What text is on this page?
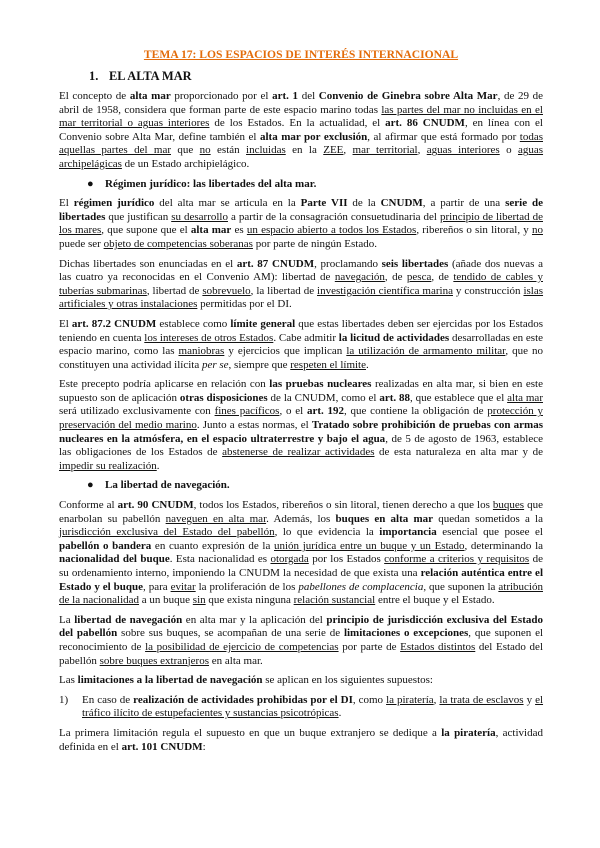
TEMA 17: LOS ESPACIOS DE INTERÉS INTERNACIONAL
1. EL ALTA MAR
El concepto de alta mar proporcionado por el art. 1 del Convenio de Ginebra sobre Alta Mar, de 29 de abril de 1958, considera que forman parte de este espacio marino todas las partes del mar no incluidas en el mar territorial o aguas interiores de los Estados. En la actualidad, el art. 86 CNUDM, en línea con el Convenio sobre Alta Mar, define también el alta mar por exclusión, al afirmar que está formado por todas aquellas partes del mar que no están incluidas en la ZEE, mar territorial, aguas interiores o aguas archipelágicas de un Estado archipielágico.
● Régimen jurídico: las libertades del alta mar.
El régimen jurídico del alta mar se articula en la Parte VII de la CNUDM, a partir de una serie de libertades que justifican su desarrollo a partir de la consagración consuetudinaria del principio de libertad de los mares, que supone que el alta mar es un espacio abierto a todos los Estados, ribereños o sin litoral, y no puede ser objeto de competencias soberanas por parte de ningún Estado.
Dichas libertades son enunciadas en el art. 87 CNUDM, proclamando seis libertades (añade dos nuevas a las cuatro ya reconocidas en el Convenio AM): libertad de navegación, de pesca, de tendido de cables y tuberías submarinas, libertad de sobrevuelo, la libertad de investigación científica marina y construcción islas artificiales y otras instalaciones permitidas por el DI.
El art. 87.2 CNUDM establece como límite general que estas libertades deben ser ejercidas por los Estados teniendo en cuenta los intereses de otros Estados. Cabe admitir la licitud de actividades desarrolladas en este espacio marino, como las maniobras y ejercicios que implican la utilización de armamento militar, que no constituyen una actividad ilícita per se, siempre que respeten el límite.
Este precepto podría aplicarse en relación con las pruebas nucleares realizadas en alta mar, si bien en este supuesto son de aplicación otras disposiciones de la CNUDM, como el art. 88, que establece que el alta mar será utilizado exclusivamente con fines pacíficos, o el art. 192, que contiene la obligación de protección y preservación del medio marino. Junto a estas normas, el Tratado sobre prohibición de pruebas con armas nucleares en la atmósfera, en el espacio ultraterrestre y bajo el agua, de 5 de agosto de 1963, establece las obligaciones de los Estados de abstenerse de realizar actividades de esta naturaleza en alta mar y de impedir su realización.
● La libertad de navegación.
Conforme al art. 90 CNUDM, todos los Estados, ribereños o sin litoral, tienen derecho a que los buques que enarbolan su pabellón naveguen en alta mar. Además, los buques en alta mar quedan sometidos a la jurisdicción exclusiva del Estado del pabellón, lo que evidencia la importancia esencial que posee el pabellón o bandera en cuanto expresión de la unión jurídica entre un buque y un Estado, determinando la nacionalidad del buque. Esta nacionalidad es otorgada por los Estados conforme a criterios y requisitos de su ordenamiento interno, imponiendo la CNUDM la necesidad de que exista una relación auténtica entre el Estado y el buque, para evitar la proliferación de los pabellones de complacencia, que suponen la atribución de la nacionalidad a un buque sin que exista ninguna relación sustancial entre el buque y el Estado.
La libertad de navegación en alta mar y la aplicación del principio de jurisdicción exclusiva del Estado del pabellón sobre sus buques, se acompañan de una serie de limitaciones o excepciones, que suponen el reconocimiento de la posibilidad de ejercicio de competencias por parte de Estados distintos del Estado del pabellón sobre buques extranjeros en alta mar.
Las limitaciones a la libertad de navegación se aplican en los siguientes supuestos:
1)	En caso de realización de actividades prohibidas por el DI, como la piratería, la trata de esclavos y el tráfico ilícito de estupefacientes y sustancias psicotrópicas.
La primera limitación regula el supuesto en que un buque extranjero se dedique a la piratería, actividad definida en el art. 101 CNUDM:
